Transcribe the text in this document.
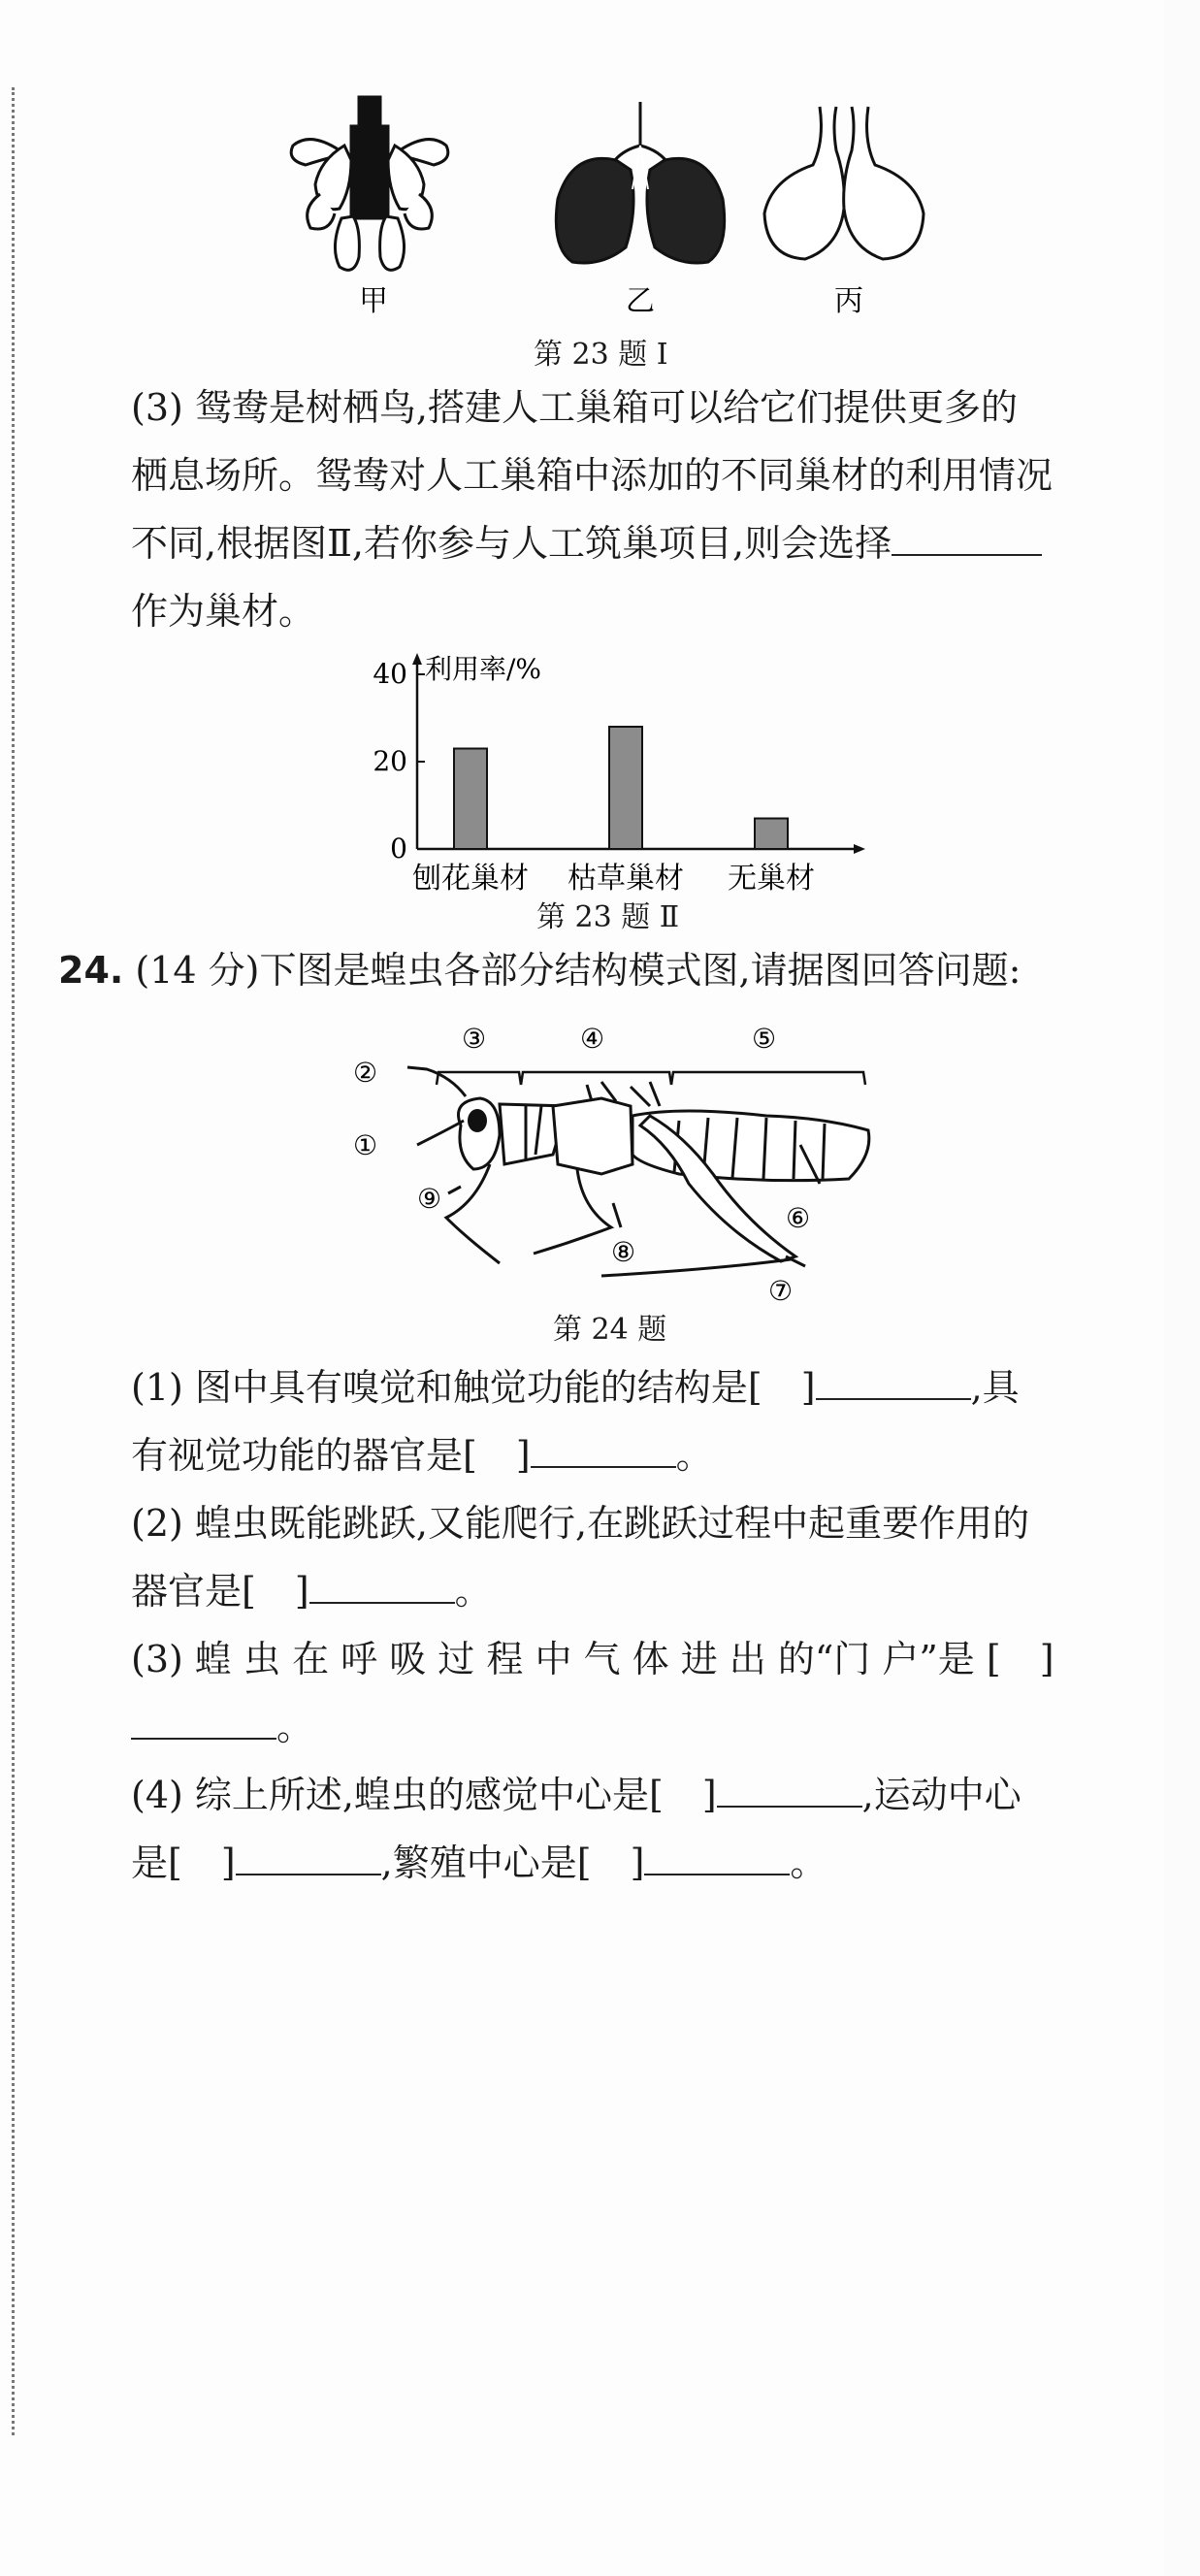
甲	乙	丙
第 23 题 Ⅰ
(3) 鸳鸯是树栖鸟,搭建人工巢箱可以给它们提供更多的
栖息场所。鸳鸯对人工巢箱中添加的不同巢材的利用情况
不同,根据图Ⅱ,若你参与人工筑巢项目,则会选择
作为巢材。
利用率/%
40
20
0
刨花巢材 枯草巢材 无巢材
第 23 题 Ⅱ
24. (14 分)下图是蝗虫各部分结构模式图,请据图回答问题:
①
②
③	④	⑤
⑥
⑦
⑧
⑨
第 24 题
(1) 图中具有嗅觉和触觉功能的结构是[ ]	,具
有视觉功能的器官是[ ]	。
(2) 蝗虫既能跳跃,又能爬行,在跳跃过程中起重要作用的
器官是[ ]	。
(3) 蝗 虫 在 呼 吸 过 程 中 气 体 进 出 的“门 户”是 [ ]
。
(4) 综上所述,蝗虫的感觉中心是[ ]	,运动中心
是[ ]	,繁殖中心是[ ]	。
